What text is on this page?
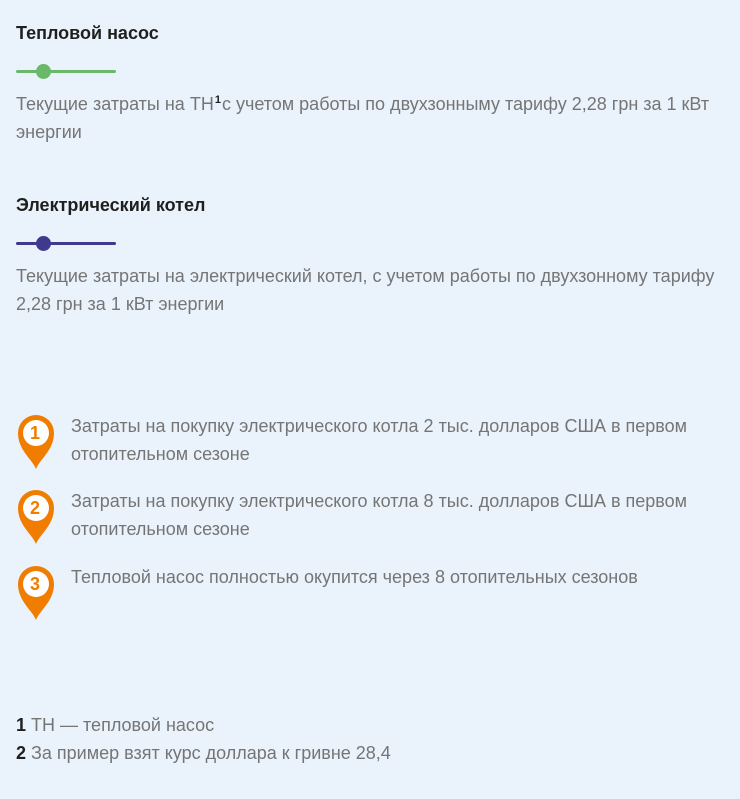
Тепловой насос
Текущие затраты на $ТН^1с$ учетом работы по двухзонныму тарифу 2,28 грн за 1 кВт энергии
Электрический котел
Текущие затраты на электрический котел, с учетом работы по двухзонному тарифу 2,28 грн за 1 кВт энергии
1	Затраты на покупку электрического котла 2 тыс. долларов США в первом отопительном сезоне
2	Затраты на покупку электрического котла 8 тыс. долларов США в первом отопительном сезоне
3	Тепловой насос полностью окупится через 8 отопительных сезонов
1 ТН — тепловой насос
2 За пример взят курс доллара к гривне 28,4
